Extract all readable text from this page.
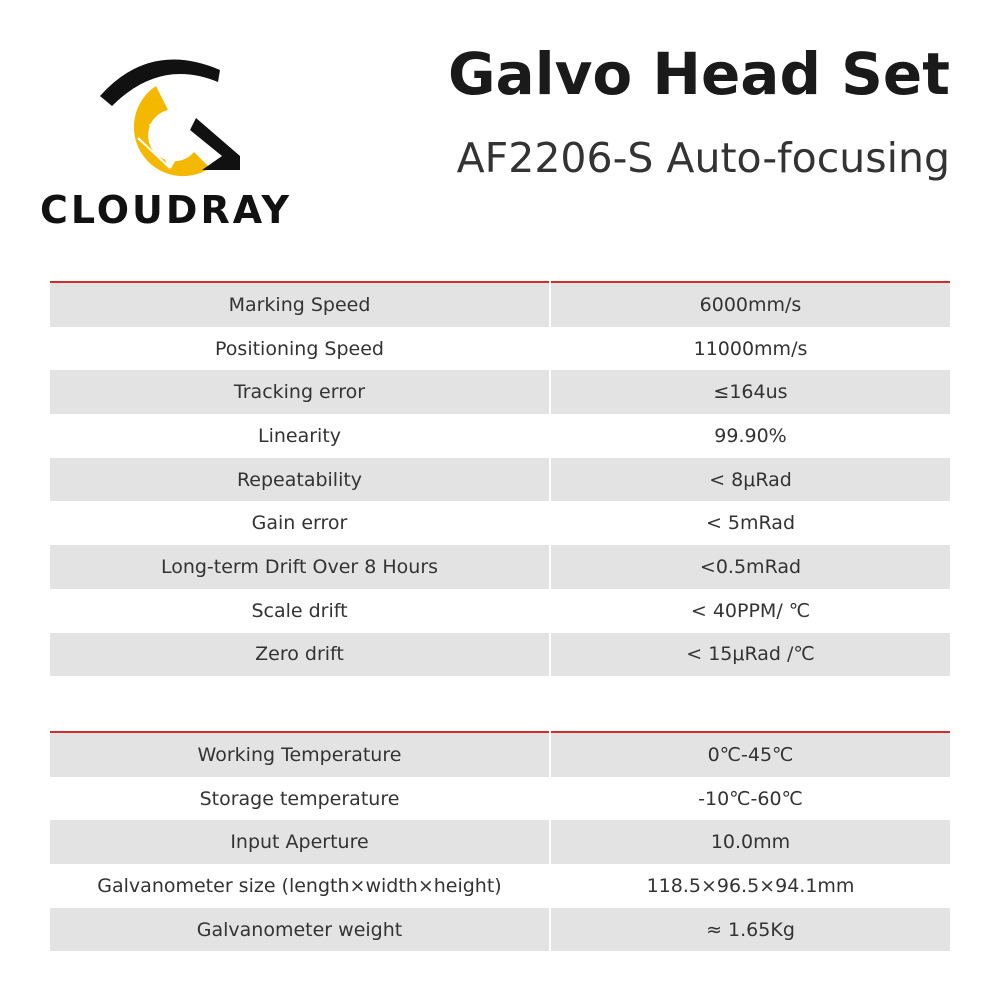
CLOUDRAY
Galvo Head Set
AF2206-S Auto-focusing
Marking Speed	6000mm/s
Positioning Speed	11000mm/s
Tracking error	≤164us
Linearity	99.90%
Repeatability	< 8μRad
Gain error	< 5mRad
Long-term Drift Over 8 Hours	<0.5mRad
Scale drift	< 40PPM/ ℃
Zero drift	< 15μRad /℃
Working Temperature	0℃-45℃
Storage temperature	-10℃-60℃
Input Aperture	10.0mm
Galvanometer size (length×width×height)	118.5×96.5×94.1mm
Galvanometer weight	≈ 1.65Kg
